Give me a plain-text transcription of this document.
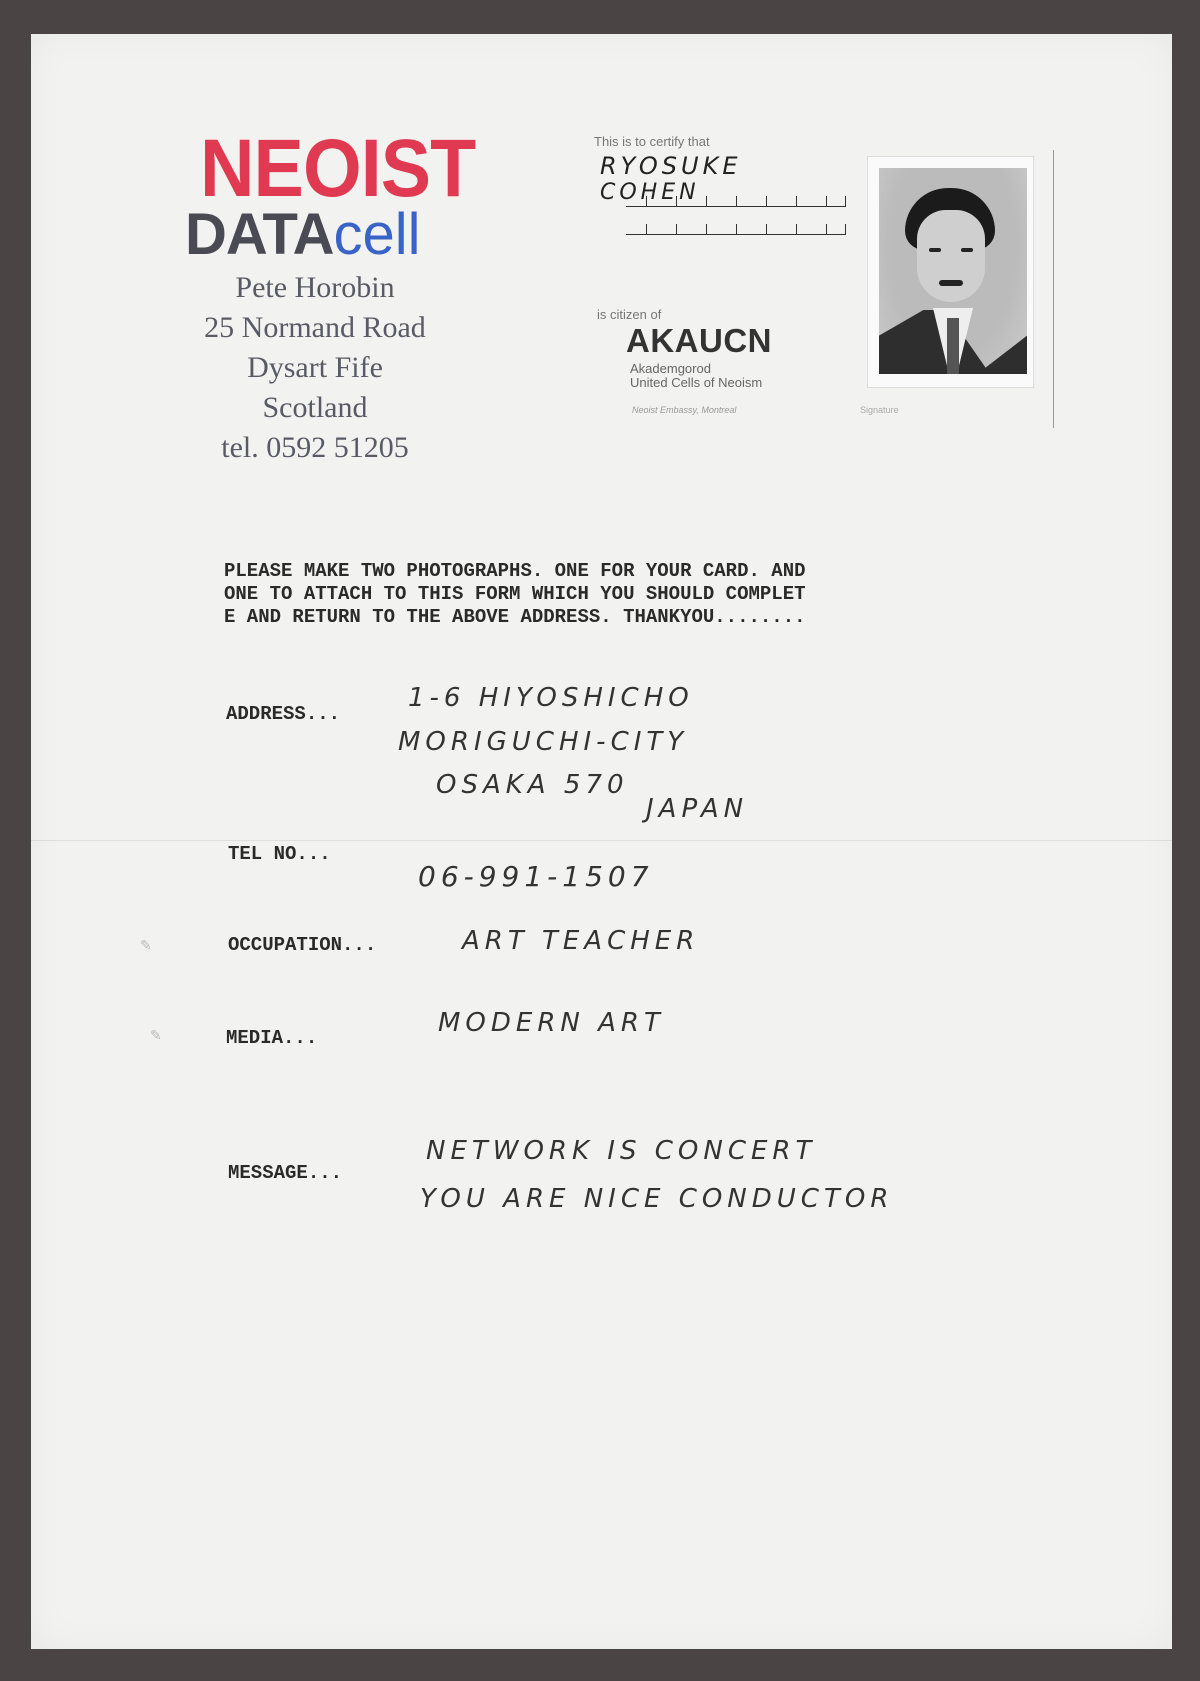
NEOIST
DATAcell
Pete Horobin
25 Normand Road
Dysart Fife
Scotland
tel. 0592 51205
This is to certify that
RYOSUKE
COHEN
is citizen of
AKAUCN
Akademgorod
United Cells of Neoism
Neoist Embassy, Montreal	Signature
PLEASE MAKE TWO PHOTOGRAPHS. ONE FOR YOUR CARD. AND
ONE TO ATTACH TO THIS FORM WHICH YOU SHOULD COMPLET
E AND RETURN TO THE ABOVE ADDRESS. THANKYOU........
ADDRESS...
1-6 HIYOSHICHO
MORIGUCHI-CITY
OSAKA 570
JAPAN
TEL NO...
06-991-1507
✎	OCCUPATION...	ART TEACHER
✎	MEDIA...	MODERN ART
MESSAGE...
NETWORK IS CONCERT
YOU ARE NICE CONDUCTOR
